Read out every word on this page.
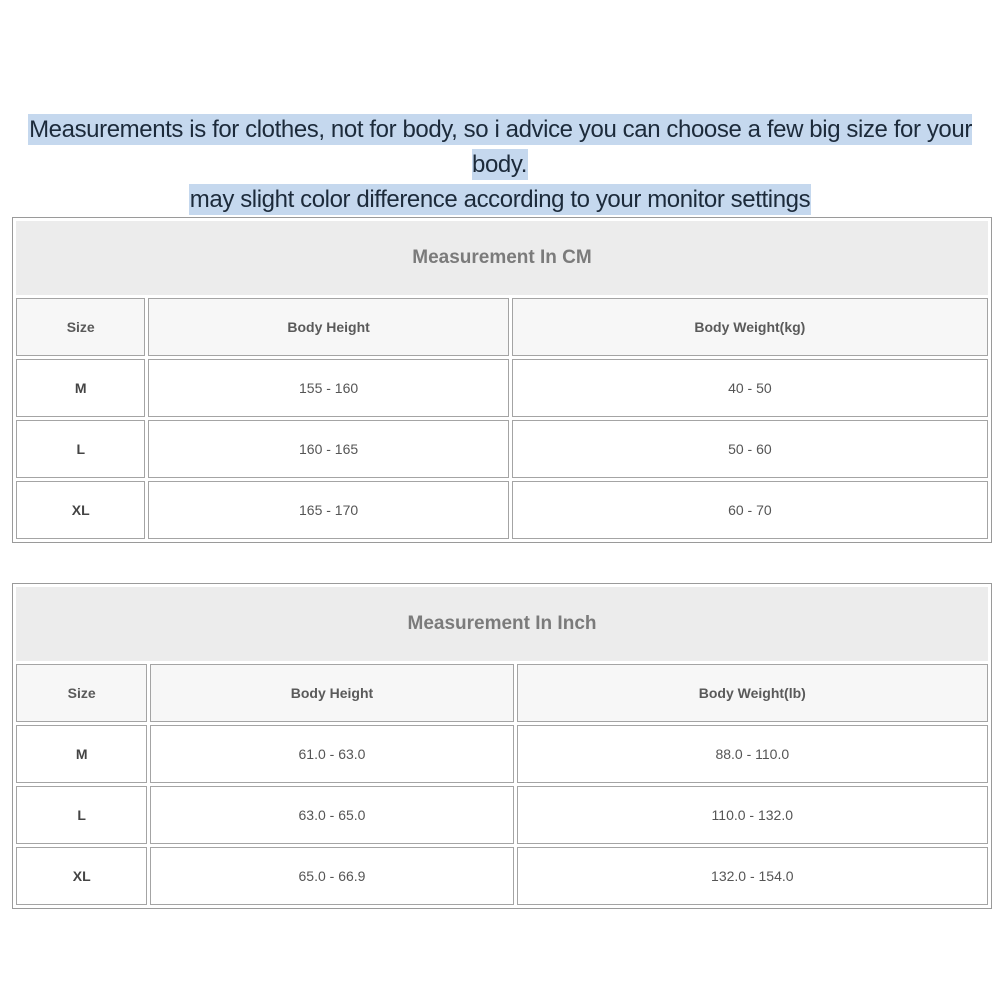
Measurements is for clothes, not for body, so i advice you can choose a few big size for your body.
may slight color difference according to your monitor settings
Measurement In CM		
Size	Body Height	Body Weight(kg)
M	155 - 160	40 - 50
L	160 - 165	50 - 60
XL	165 - 170	60 - 70
Measurement In Inch		
Size	Body Height	Body Weight(lb)
M	61.0 - 63.0	88.0 - 110.0
L	63.0 - 65.0	110.0 - 132.0
XL	65.0 - 66.9	132.0 - 154.0
